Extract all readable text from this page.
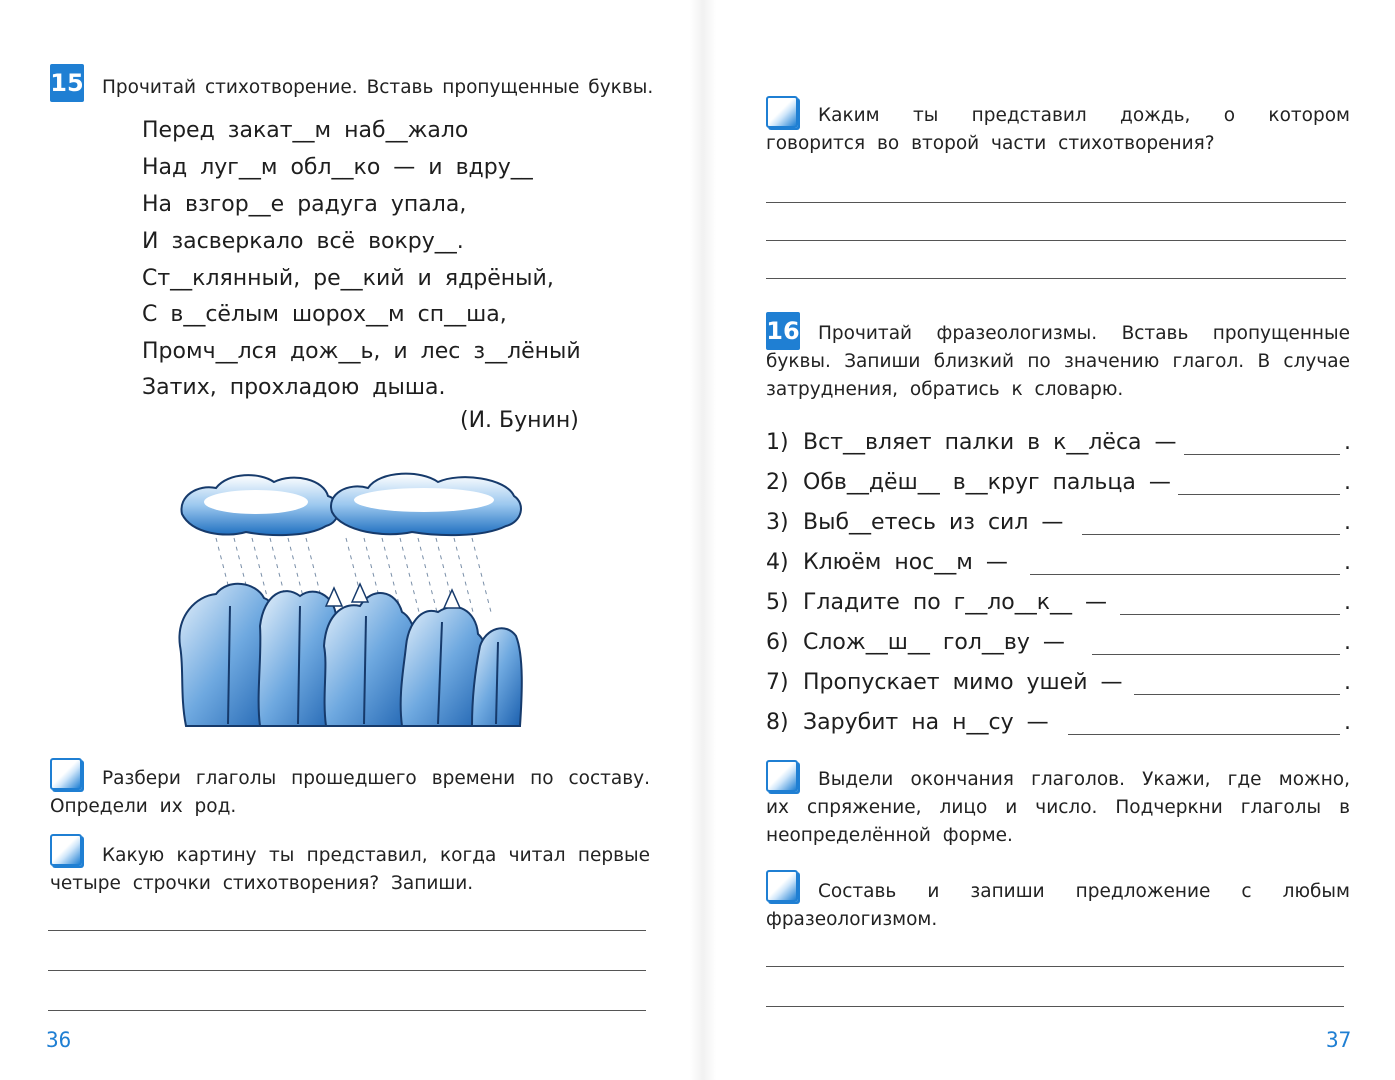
15 Прочитай стихотворение. Вставь пропущенные буквы.
Перед закат__м наб__жало
Над луг__м обл__ко — и вдру__
На взгор__е радуга упала,
И засверкало всё вокру__.
Ст__клянный, ре__кий и ядрёный,
С в__сёлым шорох__м сп__ша,
Промч__лся дож__ь, и лес з__лёный
Затих, прохладою дыша.
(И. Бунин)
Разбери глаголы прошедшего времени по составу. Определи их род.
Какую картину ты представил, когда читал первые четыре строчки стихотворения? Запиши.
36
Каким ты представил дождь, о котором говорится во второй части стихотворения?
16 Прочитай фразеологизмы. Вставь пропущенные буквы. Запиши близкий по значению глагол. В случае затруднения, обратись к словарю.
1) Вст__вляет палки в к__лёса —	.
2) Обв__дёш__ в__круг пальца —	.
3) Выб__етесь из сил —	.
4) Клюём нос__м —	.
5) Гладите по г__ло__к__ —	.
6) Слож__ш__ гол__ву —	.
7) Пропускает мимо ушей —	.
8) Зарубит на н__су —	.
Выдели окончания глаголов. Укажи, где можно, их спряжение, лицо и число. Подчеркни глаголы в неопределённой форме.
Составь и запиши предложение с любым фразеологизмом.
37
